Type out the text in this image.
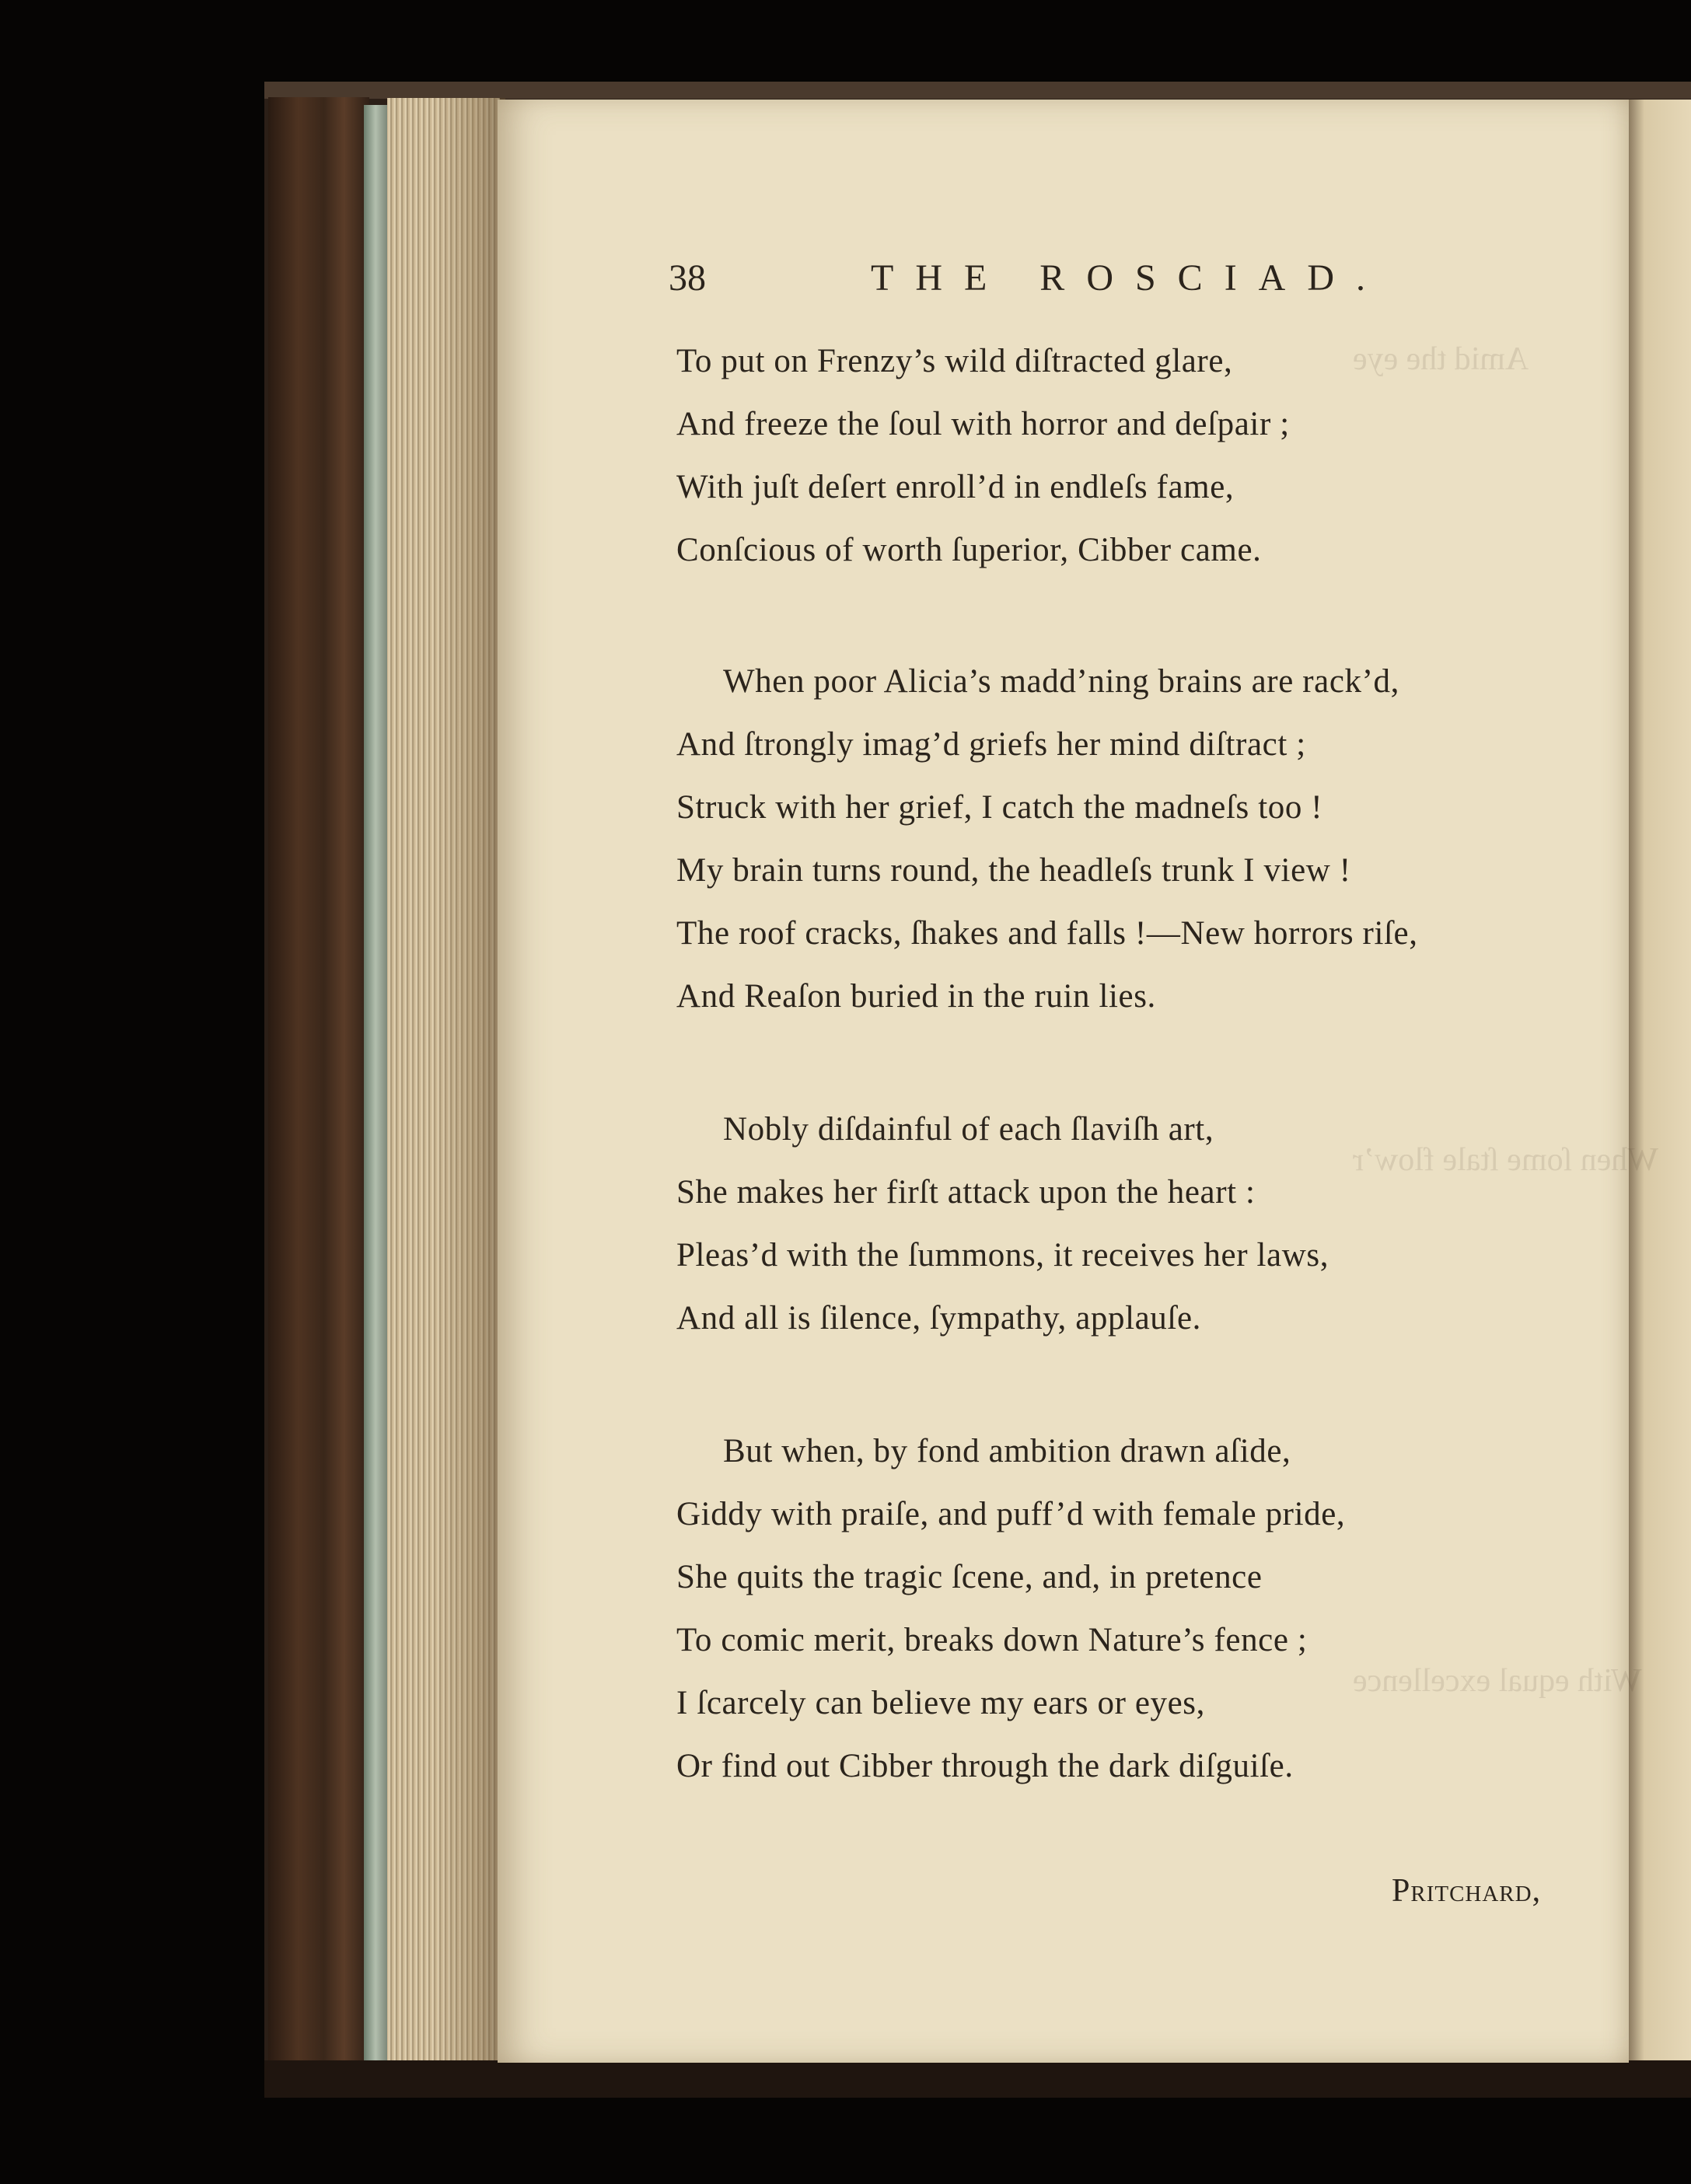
Amid the eye
When ſome ſtale flow’r
With equal excellence
38	THE ROSCIAD.
To put on Frenzy’s wild diſtracted glare,
And freeze the ſoul with horror and deſpair ;
With juſt deſert enroll’d in endleſs fame,
Conſcious of worth ſuperior, Cibber came.
When poor Alicia’s madd’ning brains are rack’d,
And ſtrongly imag’d griefs her mind diſtract ;
Struck with her grief, I catch the madneſs too !
My brain turns round, the headleſs trunk I view !
The roof cracks, ſhakes and falls !—New horrors riſe,
And Reaſon buried in the ruin lies.
Nobly diſdainful of each ſlaviſh art,
She makes her firſt attack upon the heart :
Pleas’d with the ſummons, it receives her laws,
And all is ſilence, ſympathy, applauſe.
But when, by fond ambition drawn aſide,
Giddy with praiſe, and puff’d with female pride,
She quits the tragic ſcene, and, in pretence
To comic merit, breaks down Nature’s fence ;
I ſcarcely can believe my ears or eyes,
Or find out Cibber through the dark diſguiſe.
Pritchard,
